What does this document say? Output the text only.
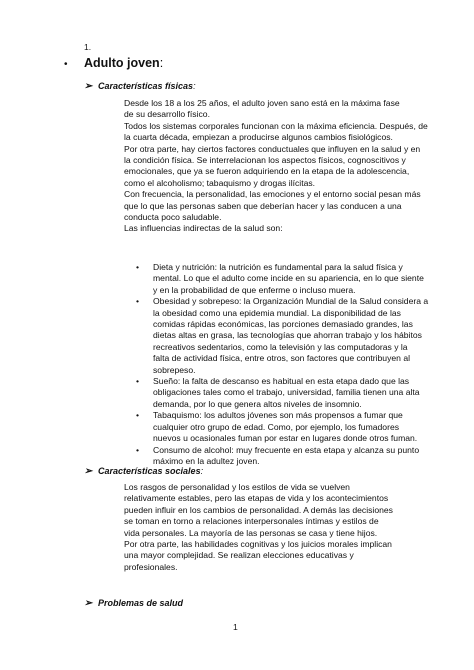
1.
•	Adulto joven :
➢ Características físicas :
Desde los 18 a los 25 años, el adulto joven sano está en la máxima fase
de su desarrollo físico.
Todos los sistemas corporales funcionan con la máxima eficiencia. Después, de
la cuarta década, empiezan a producirse algunos cambios fisiológicos.
Por otra parte, hay ciertos factores conductuales que influyen en la salud y en
la condición física. Se interrelacionan los aspectos físicos, cognoscitivos y
emocionales, que ya se fueron adquiriendo en la etapa de la adolescencia,
como el alcoholismo; tabaquismo y drogas ilícitas.
Con frecuencia, la personalidad, las emociones y el entorno social pesan más
que lo que las personas saben que deberían hacer y las conducen a una
conducta poco saludable.
Las influencias indirectas de la salud son:
• Dieta y nutrición: la nutrición es fundamental para la salud física y
mental. Lo que el adulto come incide en su apariencia, en lo que siente
y en la probabilidad de que enferme o incluso muera.
• Obesidad y sobrepeso: la Organización Mundial de la Salud considera a
la obesidad como una epidemia mundial. La disponibilidad de las
comidas rápidas económicas, las porciones demasiado grandes, las
dietas altas en grasa, las tecnologías que ahorran trabajo y los hábitos
recreativos sedentarios, como la televisión y las computadoras y la
falta de actividad física, entre otros, son factores que contribuyen al
sobrepeso.
• Sueño: la falta de descanso es habitual en esta etapa dado que las
obligaciones tales como el trabajo, universidad, familia tienen una alta
demanda, por lo que genera altos niveles de insomnio.
• Tabaquismo: los adultos jóvenes son más propensos a fumar que
cualquier otro grupo de edad. Como, por ejemplo, los fumadores
nuevos u ocasionales fuman por estar en lugares donde otros fuman.
• Consumo de alcohol: muy frecuente en esta etapa y alcanza su punto
máximo en la adultez joven.
➢ Características sociales :
Los rasgos de personalidad y los estilos de vida se vuelven
relativamente estables, pero las etapas de vida y los acontecimientos
pueden influir en los cambios de personalidad. A demás las decisiones
se toman en torno a relaciones interpersonales íntimas y estilos de
vida personales. La mayoría de las personas se casa y tiene hijos.
Por otra parte, las habilidades cognitivas y los juicios morales implican
una mayor complejidad. Se realizan elecciones educativas y
profesionales.
➢ Problemas de salud
1
